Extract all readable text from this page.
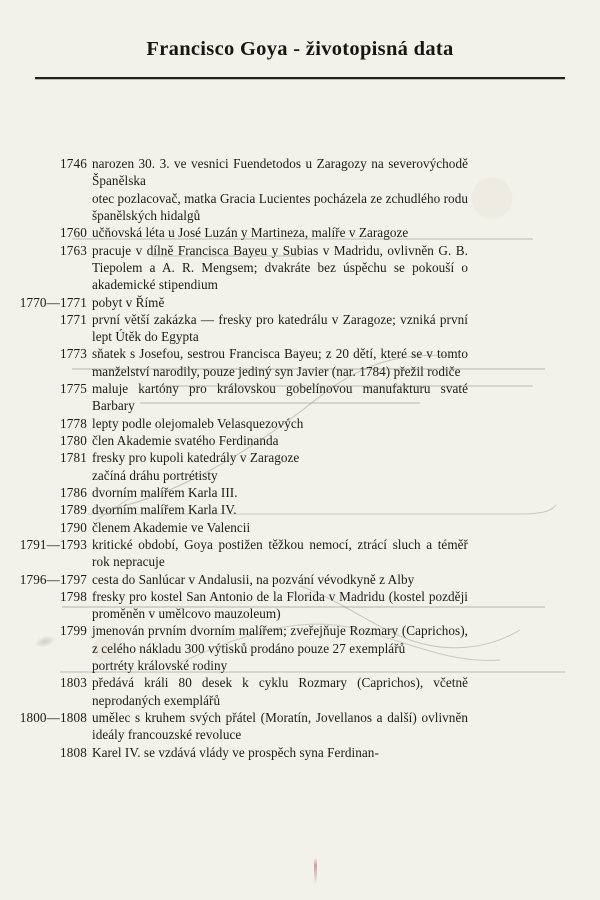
Francisco Goya - životopisná data
1746 narozen 30. 3. ve vesnici Fuendetodos u Zaragozy na severovýchodě Španělska

otec pozlacovač, matka Gracia Lucientes pocházela ze zchudlého rodu španělských hidalgů

1760 učňovská léta u José Luzán y Martineza, malíře v Zaragoze

1763 pracuje v dílně Francisca Bayeu y Subias v Madridu, ovlivněn G. B. Tiepolem a A. R. Mengsem; dvakráte bez úspěchu se pokouší o akademické stipendium

1770—1771 pobyt v Římě

1771 první větší zakázka — fresky pro katedrálu v Zaragoze; vzniká první lept Útěk do Egypta

1773 sňatek s Josefou, sestrou Francisca Bayeu; z 20 dětí, které se v tomto manželství narodily, pouze jediný syn Javier (nar. 1784) přežil rodiče

1775 maluje kartóny pro královskou gobelínovou manufakturu svaté Barbary

1778 lepty podle olejomaleb Velasquezových

1780 člen Akademie svatého Ferdinanda

1781 fresky pro kupoli katedrály v Zaragoze

začíná dráhu portrétisty

1786 dvorním malířem Karla III.

1789 dvorním malířem Karla IV.

1790 členem Akademie ve Valencii

1791—1793 kritické období, Goya postižen těžkou nemocí, ztrácí sluch a téměř rok nepracuje

1796—1797 cesta do Sanlúcar v Andalusii, na pozvání vévodkyně z Alby

1798 fresky pro kostel San Antonio de la Florida v Madridu (kostel později proměněn v umělcovo mauzoleum)

1799 jmenován prvním dvorním malířem; zveřejňuje Rozmary (Caprichos), z celého nákladu 300 výtisků prodáno pouze 27 exemplářů

portréty královské rodiny

1803 předává králi 80 desek k cyklu Rozmary (Caprichos), včetně neprodaných exemplářů

1800—1808 umělec s kruhem svých přátel (Moratín, Jovellanos a další) ovlivněn ideály francouzské revoluce

1808 Karel IV. se vzdává vlády ve prospěch syna Ferdinan-
